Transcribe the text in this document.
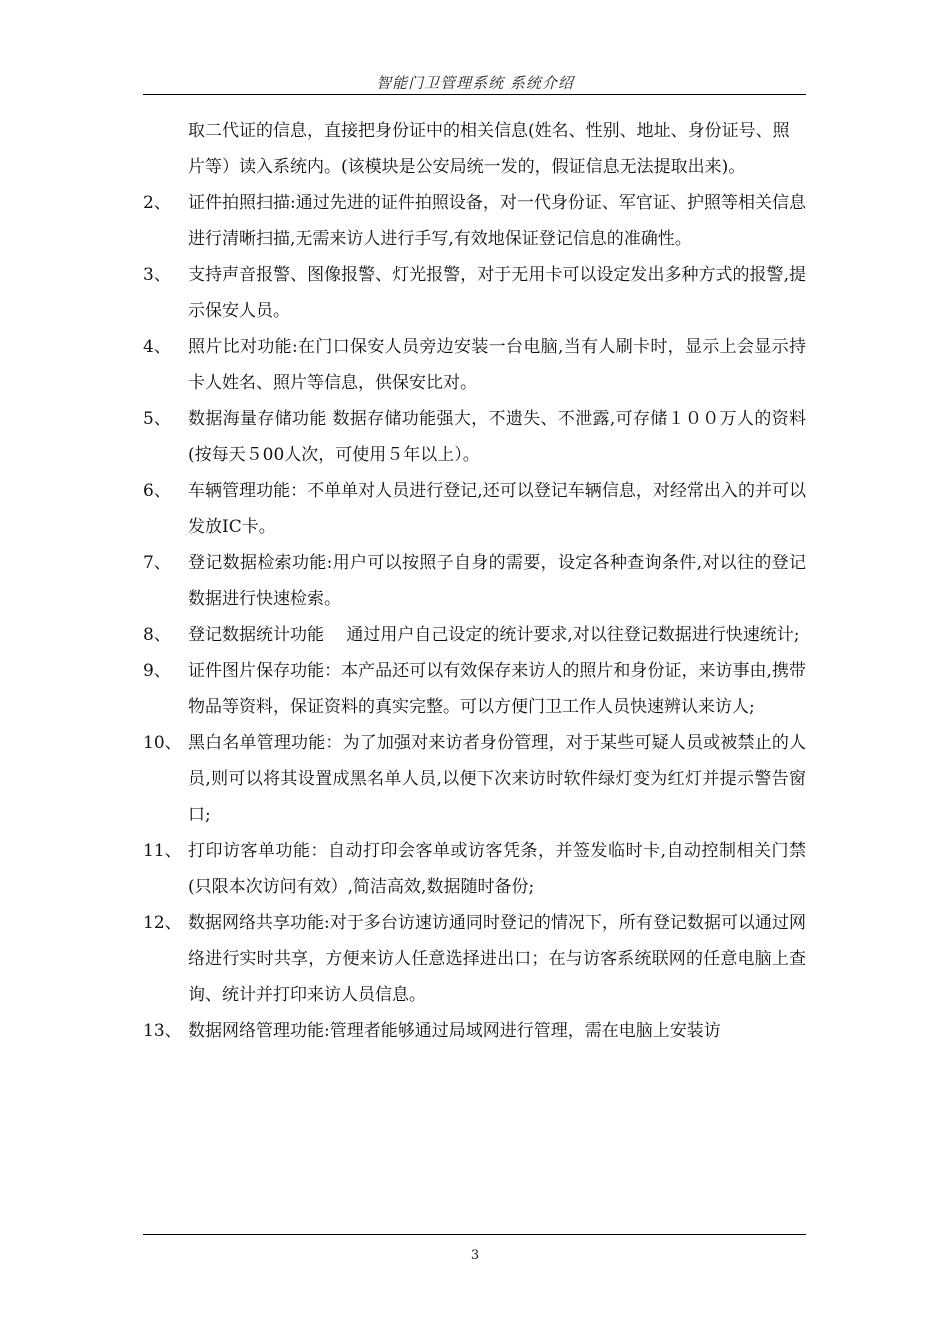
智能门卫管理系统 系统介绍
取二代证的信息，直接把身份证中的相关信息(姓名、性别、地址、身份证号、照片等）读入系统内。(该模块是公安局统一发的，假证信息无法提取出来)。
2、	证件拍照扫描:通过先进的证件拍照设备，对一代身份证、军官证、护照等相关信息进行清晰扫描,无需来访人进行手写,有效地保证登记信息的准确性。
3、	支持声音报警、图像报警、灯光报警，对于无用卡可以设定发出多种方式的报警,提示保安人员。
4、	照片比对功能:在门口保安人员旁边安装一台电脑,当有人刷卡时，显示上会显示持卡人姓名、照片等信息，供保安比对。
5、	数据海量存储功能 数据存储功能强大，不遗失、不泄露,可存储１００万人的资料(按每天５00人次，可使用５年以上）。
6、	车辆管理功能：不单单对人员进行登记,还可以登记车辆信息，对经常出入的并可以发放IC卡。
7、	登记数据检索功能:用户可以按照子自身的需要，设定各种查询条件,对以往的登记数据进行快速检索。
8、	登记数据统计功能　 通过用户自己设定的统计要求,对以往登记数据进行快速统计;
9、	证件图片保存功能：本产品还可以有效保存来访人的照片和身份证，来访事由,携带物品等资料，保证资料的真实完整。可以方便门卫工作人员快速辨认来访人;
10、 黑白名单管理功能：为了加强对来访者身份管理，对于某些可疑人员或被禁止的人员,则可以将其设置成黑名单人员,以便下次来访时软件绿灯变为红灯并提示警告窗口;
11、 打印访客单功能：自动打印会客单或访客凭条，并签发临时卡,自动控制相关门禁(只限本次访问有效）,简洁高效,数据随时备份;
12、 数据网络共享功能:对于多台访速访通同时登记的情况下，所有登记数据可以通过网络进行实时共享，方便来访人任意选择进出口；在与访客系统联网的任意电脑上查询、统计并打印来访人员信息。
13、 数据网络管理功能:管理者能够通过局域网进行管理，需在电脑上安装访
3
